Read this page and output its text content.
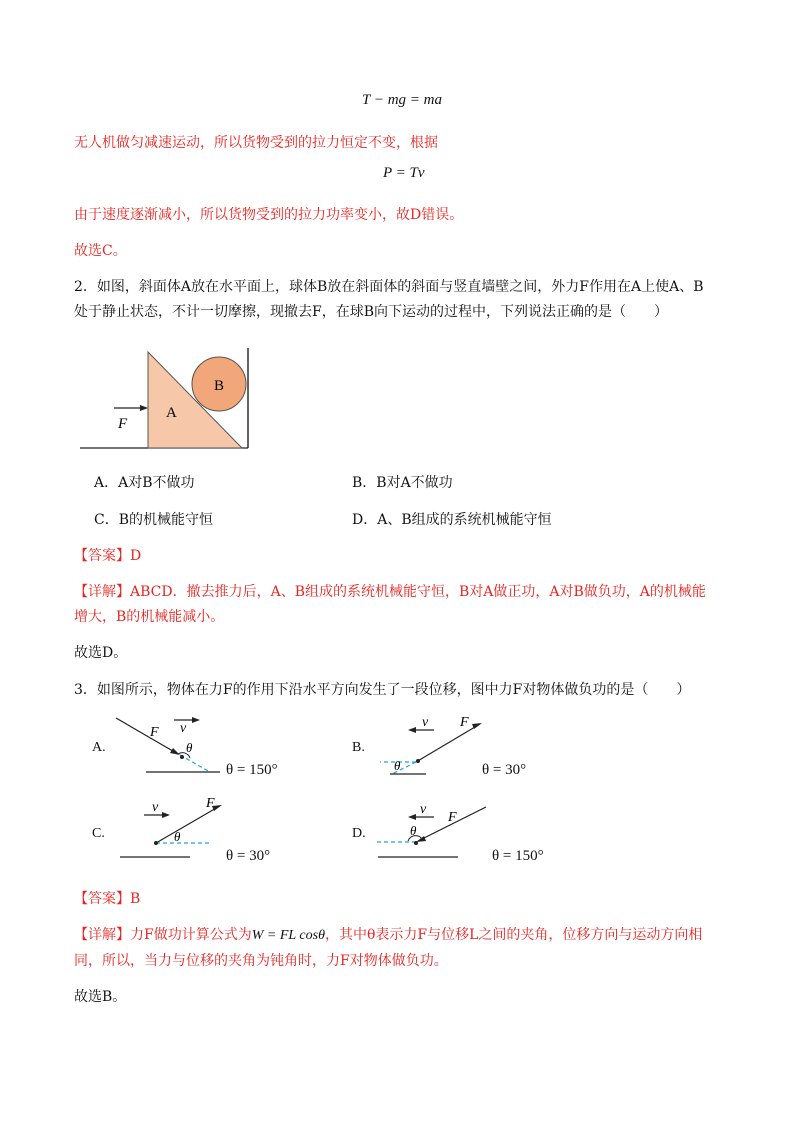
T − mg = ma
无人机做匀减速运动，所以货物受到的拉力恒定不变，根据
P = Tv
由于速度逐渐减小，所以货物受到的拉力功率变小，故D错误。
故选C。
2．如图，斜面体A放在水平面上，球体B放在斜面体的斜面与竖直墙壁之间，外力F作用在A上使A、B
处于静止状态，不计一切摩擦，现撤去F，在球B向下运动的过程中，下列说法正确的是（　　）
A
B
F
A．A对B不做功	B．B对A不做功
C．B的机械能守恒	D．A、B组成的系统机械能守恒
【答案】D
【详解】ABCD．撤去推力后，A、B组成的系统机械能守恒，B对A做正功，A对B做负功，A的机械能
增大，B的机械能减小。
故选D。
3．如图所示，物体在力F的作用下沿水平方向发生了一段位移，图中力F对物体做负功的是（　　）
A.
F v
θ
θ = 150°
B.
F
v
θ	θ = 30°
C.
F
v
θ
θ = 30°
D.
F
v
θ
θ = 150°
【答案】B
【详解】力F做功计算公式为W = FL cosθ，其中θ表示力F与位移L之间的夹角，位移方向与运动方向相
同，所以，当力与位移的夹角为钝角时，力F对物体做负功。
故选B。
